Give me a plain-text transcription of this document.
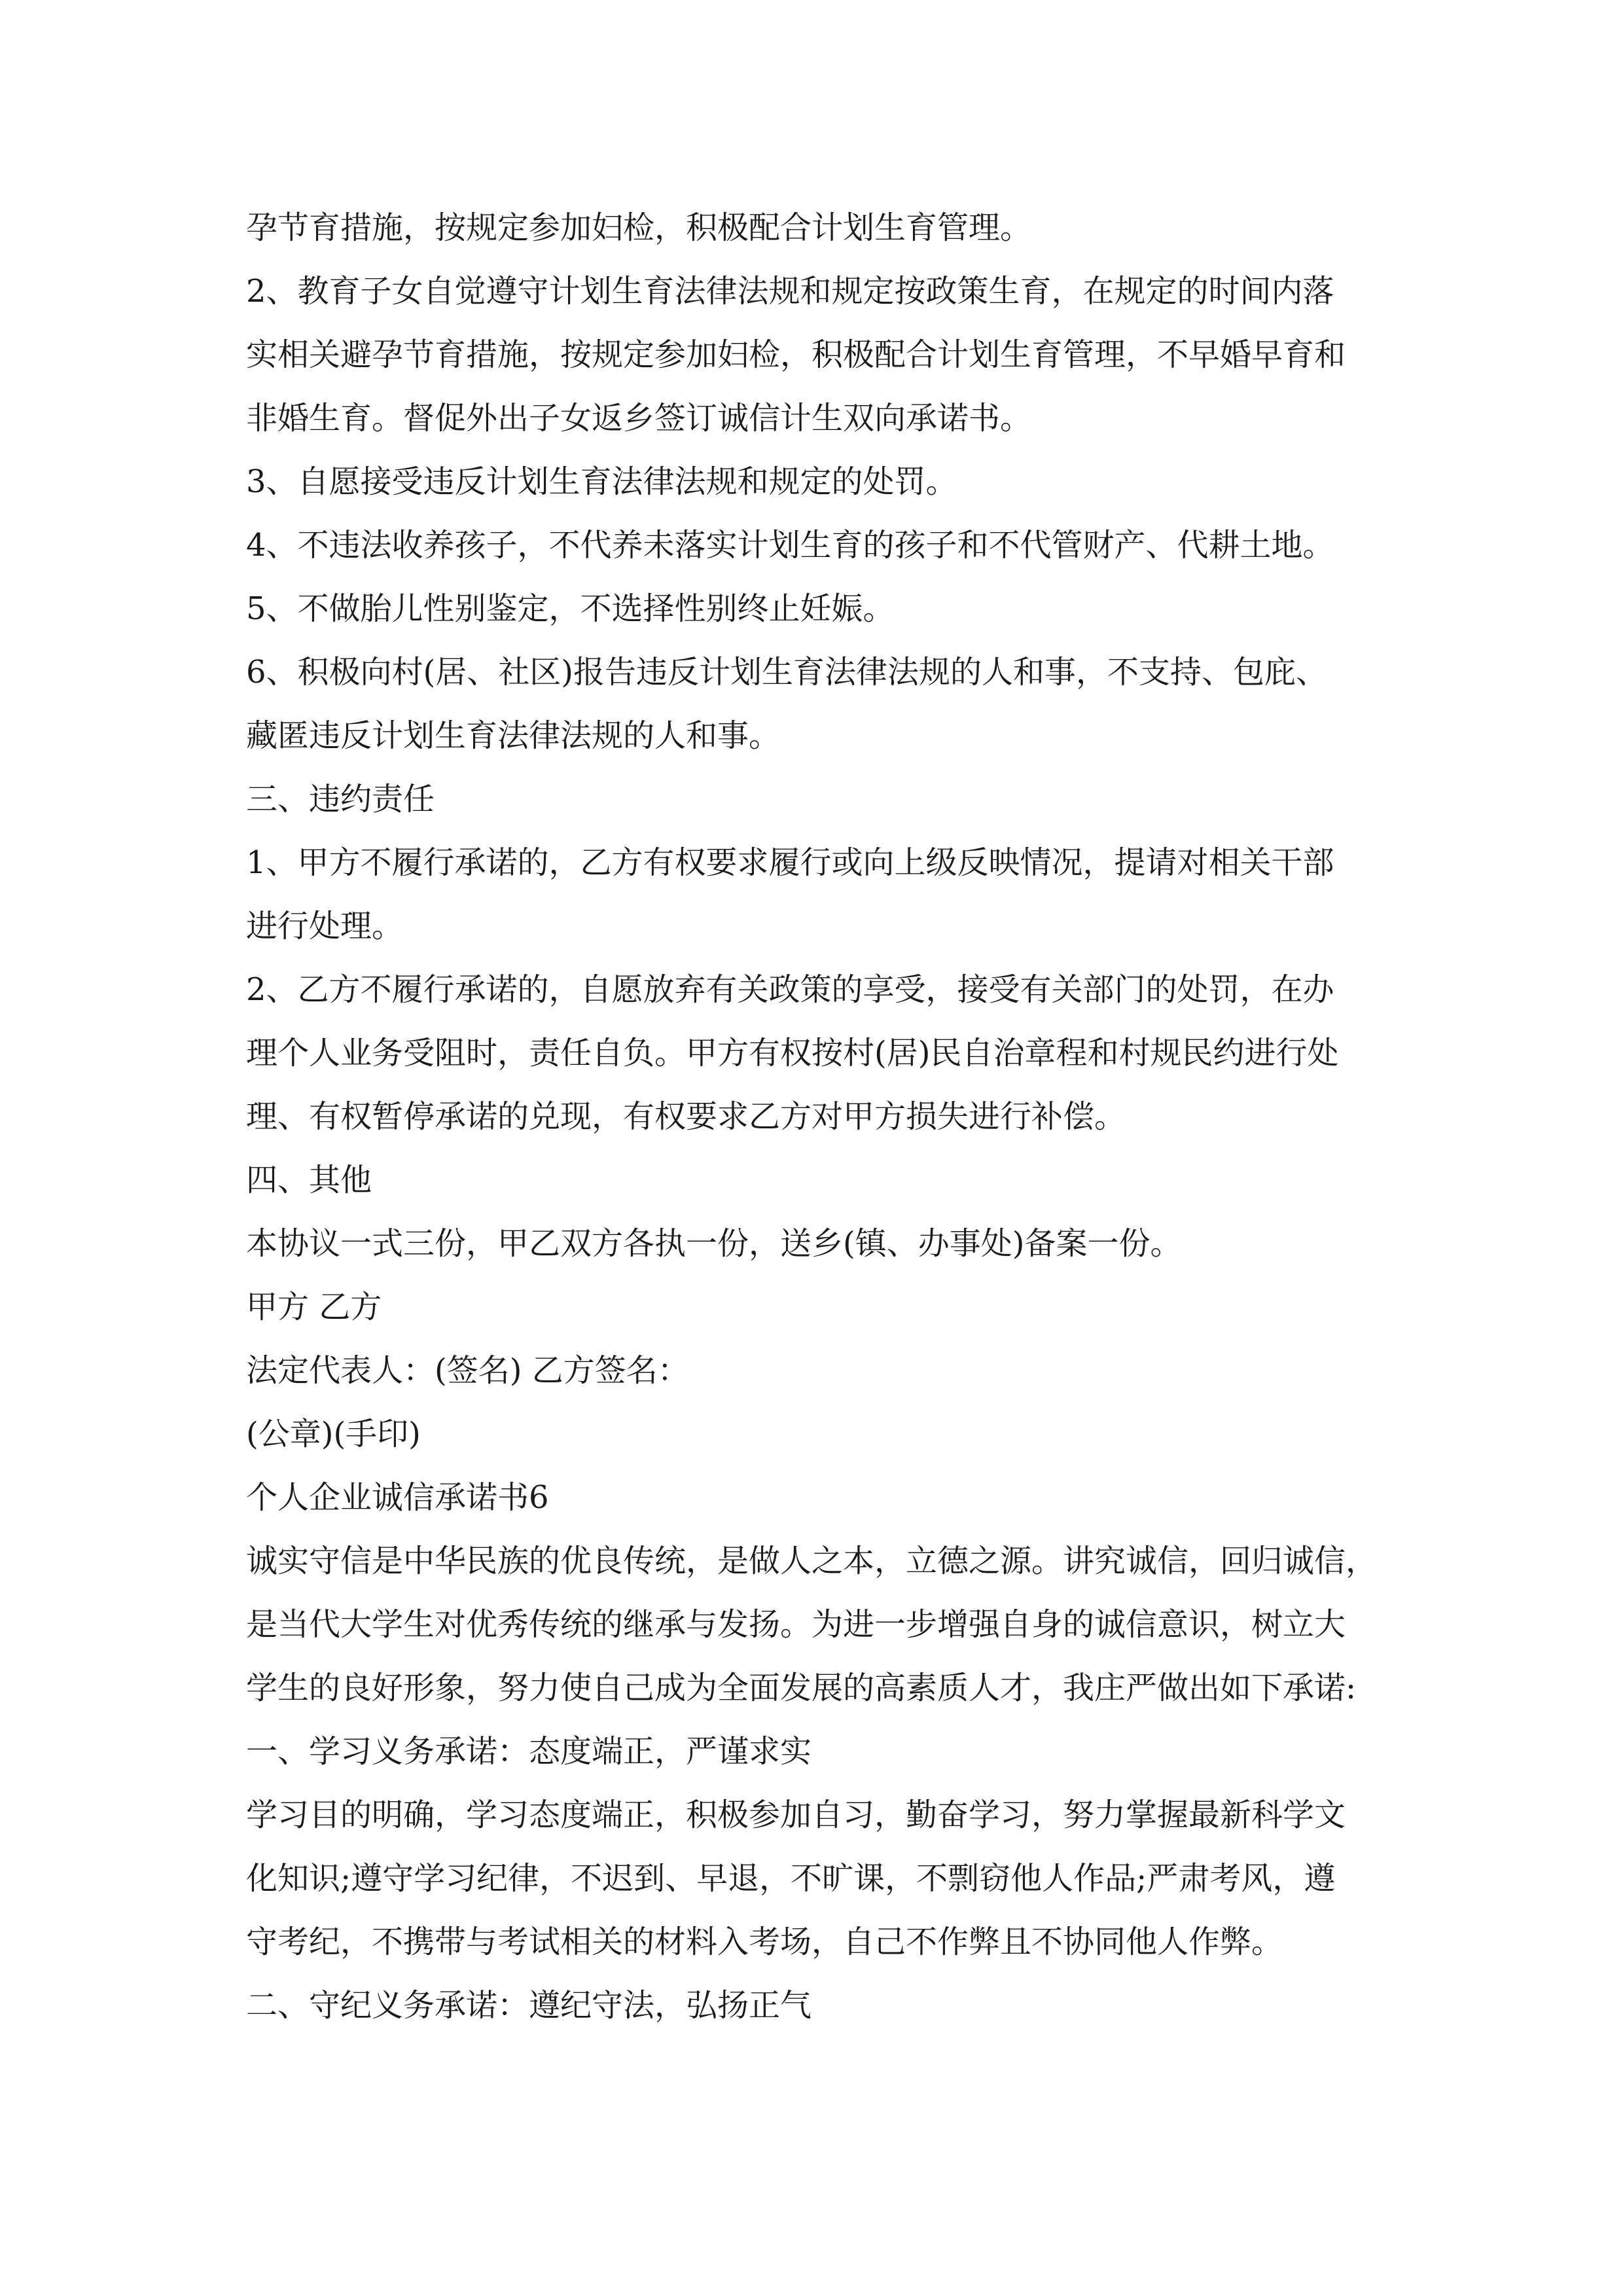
孕节育措施，按规定参加妇检，积极配合计划生育管理。
2、教育子女自觉遵守计划生育法律法规和规定按政策生育，在规定的时间内落
实相关避孕节育措施，按规定参加妇检，积极配合计划生育管理，不早婚早育和
非婚生育。督促外出子女返乡签订诚信计生双向承诺书。
3、自愿接受违反计划生育法律法规和规定的处罚。
4、不违法收养孩子，不代养未落实计划生育的孩子和不代管财产、代耕土地。
5、不做胎儿性别鉴定，不选择性别终止妊娠。
6、积极向村(居、社区)报告违反计划生育法律法规的人和事，不支持、包庇、
藏匿违反计划生育法律法规的人和事。
三、违约责任
1、甲方不履行承诺的，乙方有权要求履行或向上级反映情况，提请对相关干部
进行处理。
2、乙方不履行承诺的，自愿放弃有关政策的享受，接受有关部门的处罚，在办
理个人业务受阻时，责任自负。甲方有权按村(居)民自治章程和村规民约进行处
理、有权暂停承诺的兑现，有权要求乙方对甲方损失进行补偿。
四、其他
本协议一式三份，甲乙双方各执一份，送乡(镇、办事处)备案一份。
甲方 乙方
法定代表人：(签名) 乙方签名：
(公章)(手印)
个人企业诚信承诺书6
诚实守信是中华民族的优良传统，是做人之本，立德之源。讲究诚信，回归诚信，
是当代大学生对优秀传统的继承与发扬。为进一步增强自身的诚信意识，树立大
学生的良好形象，努力使自己成为全面发展的高素质人才，我庄严做出如下承诺:
一、学习义务承诺：态度端正，严谨求实
学习目的明确，学习态度端正，积极参加自习，勤奋学习，努力掌握最新科学文
化知识;遵守学习纪律，不迟到、早退，不旷课，不剽窃他人作品;严肃考风，遵
守考纪，不携带与考试相关的材料入考场，自己不作弊且不协同他人作弊。
二、守纪义务承诺：遵纪守法，弘扬正气
